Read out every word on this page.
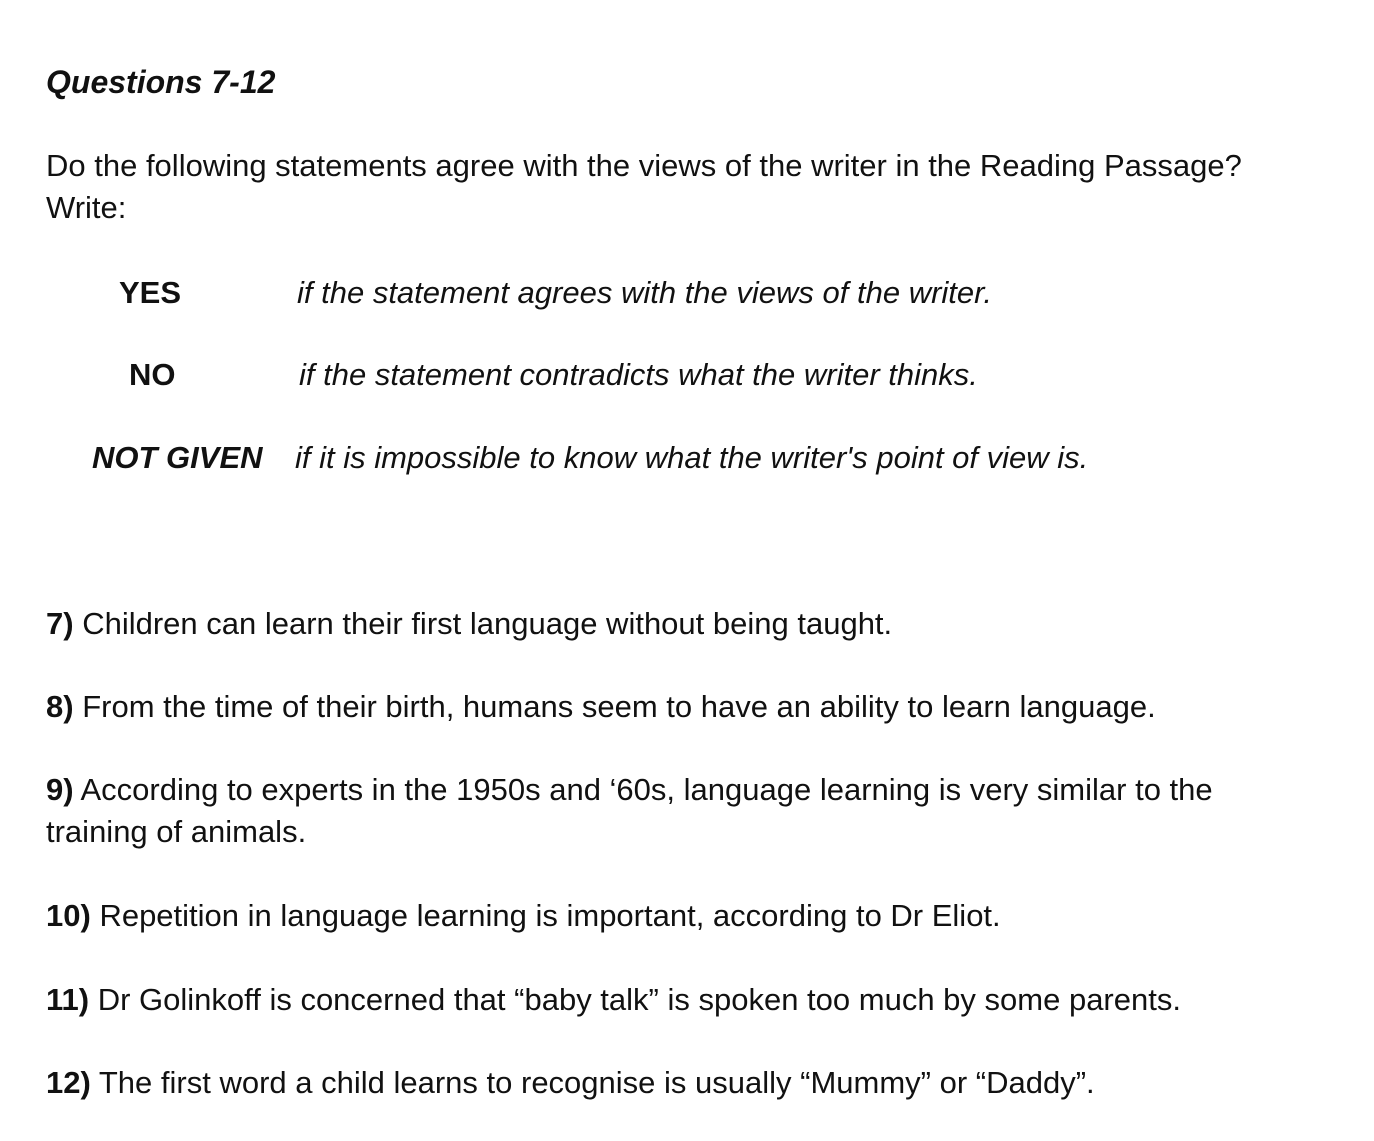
Questions 7-12

Do the following statements agree with the views of the writer in the Reading Passage?
Write:

YES	if the statement agrees with the views of the writer.
NO	if the statement contradicts what the writer thinks.
NOT GIVEN if it is impossible to know what the writer's point of view is.
7) Children can learn their first language without being taught.
8) From the time of their birth, humans seem to have an ability to learn language.
9) According to experts in the 1950s and ‘60s, language learning is very similar to the
training of animals.
10) Repetition in language learning is important, according to Dr Eliot.
11) Dr Golinkoff is concerned that “baby talk” is spoken too much by some parents.
12) The first word a child learns to recognise is usually “Mummy” or “Daddy”.
